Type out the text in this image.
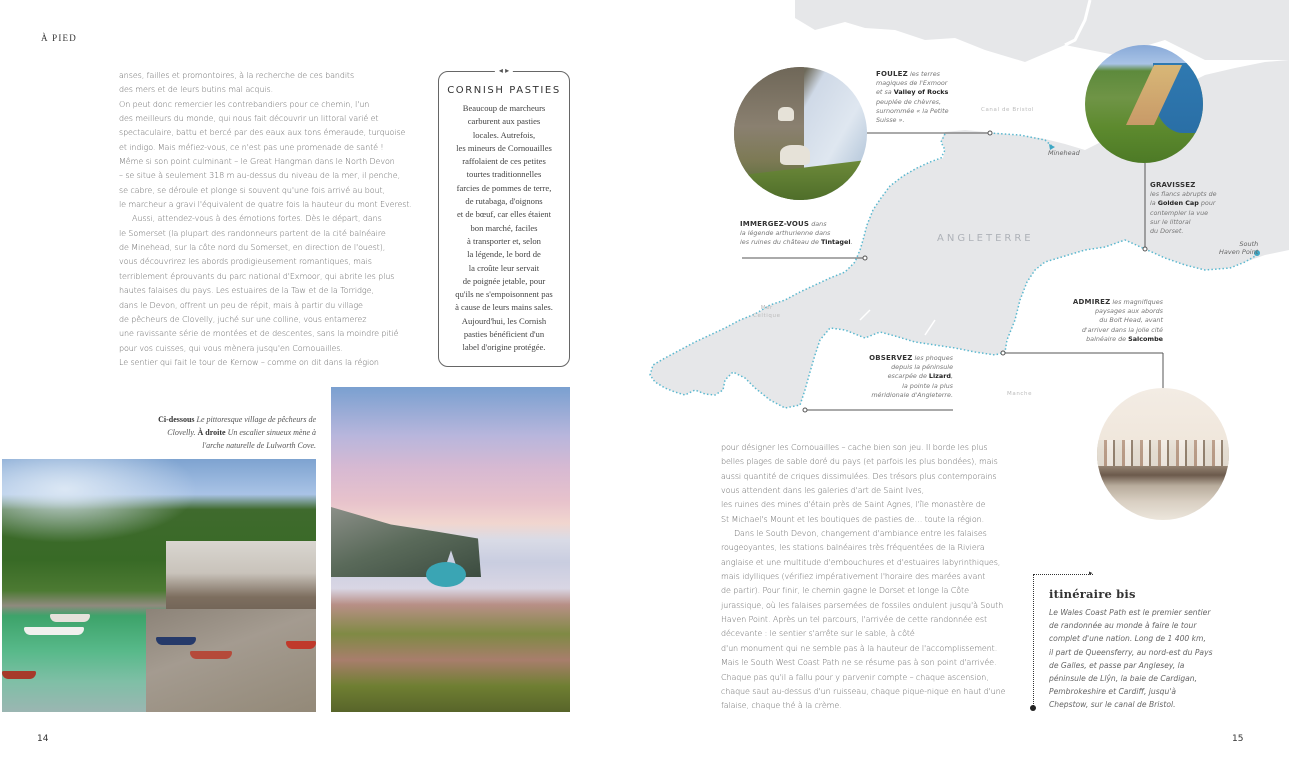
À PIED

anses, failles et promontoires, à la recherche de ces bandits

des mers et de leurs butins mal acquis.

On peut donc remercier les contrebandiers pour ce chemin, l'un

des meilleurs du monde, qui nous fait découvrir un littoral varié et

spectaculaire, battu et bercé par des eaux aux tons émeraude, turquoise

et indigo. Mais méfiez-vous, ce n'est pas une promenade de santé !

Même si son point culminant – le Great Hangman dans le North Devon

– se situe à seulement 318 m au-dessus du niveau de la mer, il penche,

se cabre, se déroule et plonge si souvent qu'une fois arrivé au bout,

le marcheur a gravi l'équivalent de quatre fois la hauteur du mont Everest.

Aussi, attendez-vous à des émotions fortes. Dès le départ, dans

le Somerset (la plupart des randonneurs partent de la cité balnéaire

de Minehead, sur la côte nord du Somerset, en direction de l'ouest),

vous découvrirez les abords prodigieusement romantiques, mais

terriblement éprouvants du parc national d'Exmoor, qui abrite les plus

hautes falaises du pays. Les estuaires de la Taw et de la Torridge,

dans le Devon, offrent un peu de répit, mais à partir du village

de pêcheurs de Clovelly, juché sur une colline, vous entamerez

une ravissante série de montées et de descentes, sans la moindre pitié

pour vos cuisses, qui vous mènera jusqu'en Cornouailles.

Le sentier qui fait le tour de Kernow – comme on dit dans la région

◂ ▸
CORNISH PASTIES
Beaucoup de marcheurs
carburent aux pasties
locales. Autrefois,
les mineurs de Cornouailles
raffolaient de ces petites
tourtes traditionnelles
farcies de pommes de terre,
de rutabaga, d'oignons
et de bœuf, car elles étaient
bon marché, faciles
à transporter et, selon
la légende, le bord de
la croûte leur servait
de poignée jetable, pour
qu'ils ne s'empoisonnent pas
à cause de leurs mains sales.
Aujourd'hui, les Cornish
pasties bénéficient d'un
label d'origine protégée.
Ci-dessous Le pittoresque village de pêcheurs de Clovelly. À droite Un escalier sinueux mène à l'arche naturelle de Lulworth Cove.
14
ANGLETERRE
Canal de Bristol
Mer
Celtique
Manche
Minehead
South
Haven Point
FOULEZ les terres
magiques de l'Exmoor
et sa Valley of Rocks
peuplée de chèvres,
surnommée « la Petite
Suisse ».
IMMERGEZ-VOUS dans
la légende arthurienne dans
les ruines du château de Tintagel.
GRAVISSEZ
les flancs abrupts de
la Golden Cap pour
contempler la vue
sur le littoral
du Dorset.
ADMIREZ les magnifiques
paysages aux abords
du Bolt Head, avant
d'arriver dans la jolie cité
balnéaire de Salcombe
OBSERVEZ les phoques
depuis la péninsule
escarpée de Lizard,
la pointe la plus
méridionale d'Angleterre.

pour désigner les Cornouailles – cache bien son jeu. Il borde les plus

belles plages de sable doré du pays (et parfois les plus bondées), mais

aussi quantité de criques dissimulées. Des trésors plus contemporains

vous attendent dans les galeries d'art de Saint Ives,

les ruines des mines d'étain près de Saint Agnes, l'île monastère de

St Michael's Mount et les boutiques de pasties de… toute la région.

Dans le South Devon, changement d'ambiance entre les falaises

rougeoyantes, les stations balnéaires très fréquentées de la Riviera

anglaise et une multitude d'embouchures et d'estuaires labyrinthiques,

mais idylliques (vérifiez impérativement l'horaire des marées avant

de partir). Pour finir, le chemin gagne le Dorset et longe la Côte

jurassique, où les falaises parsemées de fossiles ondulent jusqu'à South

Haven Point. Après un tel parcours, l'arrivée de cette randonnée est

décevante : le sentier s'arrête sur le sable, à côté

d'un monument qui ne semble pas à la hauteur de l'accomplissement.

Mais le South West Coast Path ne se résume pas à son point d'arrivée.

Chaque pas qu'il a fallu pour y parvenir compte – chaque ascension,

chaque saut au-dessus d'un ruisseau, chaque pique-nique en haut d'une

falaise, chaque thé à la crème.

▸
itinéraire bis
Le Wales Coast Path est le premier sentier
de randonnée au monde à faire le tour
complet d'une nation. Long de 1 400 km,
il part de Queensferry, au nord-est du Pays
de Galles, et passe par Anglesey, la
péninsule de Llŷn, la baie de Cardigan,
Pembrokeshire et Cardiff, jusqu'à
Chepstow, sur le canal de Bristol.
15
